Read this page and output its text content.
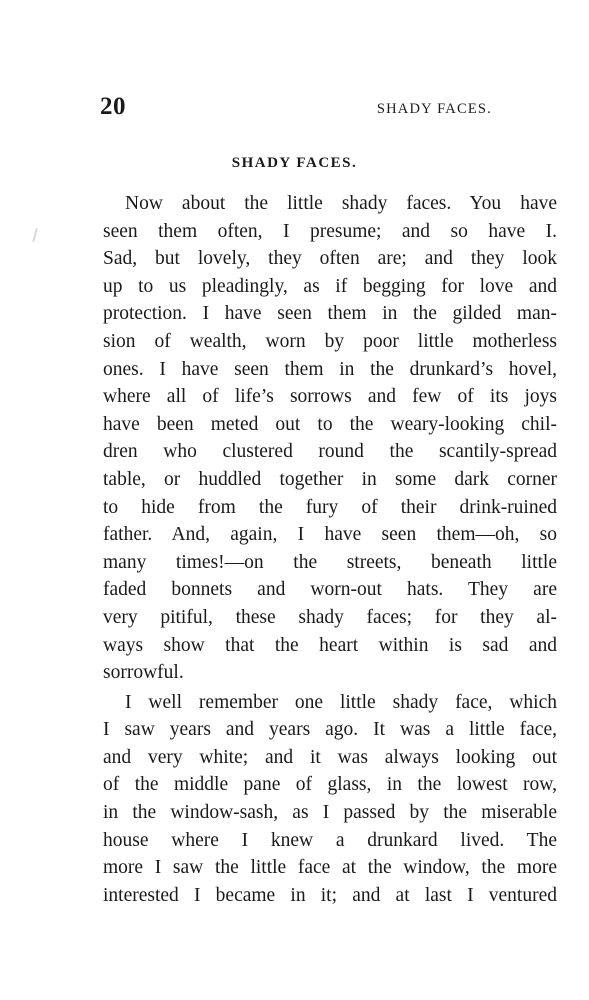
20	SHADY FACES.
SHADY FACES.
Now about the little shady faces. You have
seen them often, I presume; and so have I.
Sad, but lovely, they often are; and they look
up to us pleadingly, as if begging for love and
protection. I have seen them in the gilded man-
sion of wealth, worn by poor little motherless
ones. I have seen them in the drunkard’s hovel,
where all of life’s sorrows and few of its joys
have been meted out to the weary-looking chil-
dren who clustered round the scantily-spread
table, or huddled together in some dark corner
to hide from the fury of their drink-ruined
father. And, again, I have seen them—oh, so
many times!—on the streets, beneath little
faded bonnets and worn-out hats. They are
very pitiful, these shady faces; for they al-
ways show that the heart within is sad and
sorrowful.
I well remember one little shady face, which
I saw years and years ago. It was a little face,
and very white; and it was always looking out
of the middle pane of glass, in the lowest row,
in the window-sash, as I passed by the miserable
house where I knew a drunkard lived. The
more I saw the little face at the window, the more
interested I became in it; and at last I ventured
